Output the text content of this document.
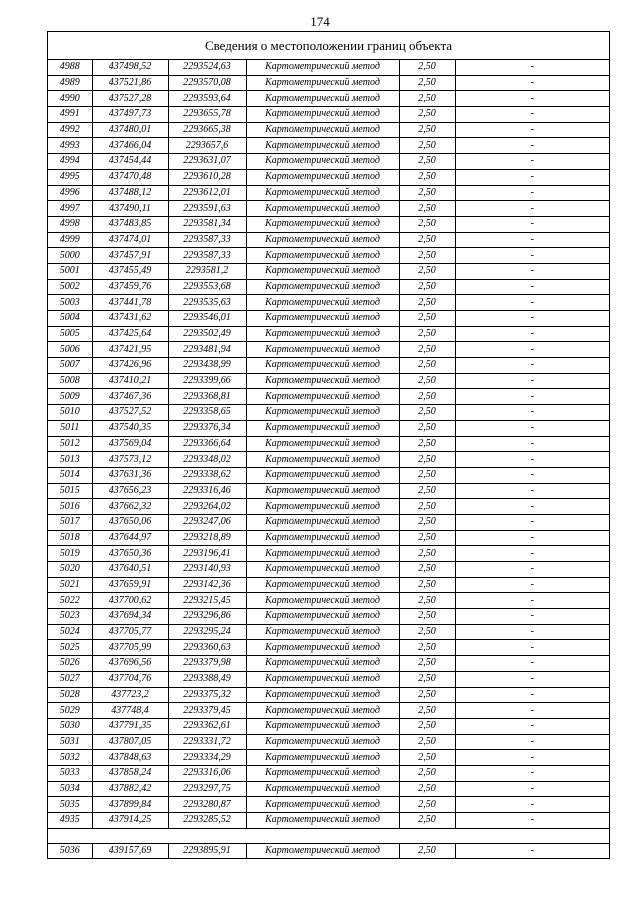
174
Сведения о местоположении границ объекта
4988	437498,52	2293524,63	Картометрический метод	2,50	-
4989	437521,86	2293570,08	Картометрический метод	2,50	-
4990	437527,28	2293593,64	Картометрический метод	2,50	-
4991	437497,73	2293655,78	Картометрический метод	2,50	-
4992	437480,01	2293665,38	Картометрический метод	2,50	-
4993	437466,04	2293657,6	Картометрический метод	2,50	-
4994	437454,44	2293631,07	Картометрический метод	2,50	-
4995	437470,48	2293610,28	Картометрический метод	2,50	-
4996	437488,12	2293612,01	Картометрический метод	2,50	-
4997	437490,11	2293591,63	Картометрический метод	2,50	-
4998	437483,85	2293581,34	Картометрический метод	2,50	-
4999	437474,01	2293587,33	Картометрический метод	2,50	-
5000	437457,91	2293587,33	Картометрический метод	2,50	-
5001	437455,49	2293581,2	Картометрический метод	2,50	-
5002	437459,76	2293553,68	Картометрический метод	2,50	-
5003	437441,78	2293535,63	Картометрический метод	2,50	-
5004	437431,62	2293546,01	Картометрический метод	2,50	-
5005	437425,64	2293502,49	Картометрический метод	2,50	-
5006	437421,95	2293481,94	Картометрический метод	2,50	-
5007	437426,96	2293438,99	Картометрический метод	2,50	-
5008	437410,21	2293399,66	Картометрический метод	2,50	-
5009	437467,36	2293368,81	Картометрический метод	2,50	-
5010	437527,52	2293358,65	Картометрический метод	2,50	-
5011	437540,35	2293376,34	Картометрический метод	2,50	-
5012	437569,04	2293366,64	Картометрический метод	2,50	-
5013	437573,12	2293348,02	Картометрический метод	2,50	-
5014	437631,36	2293338,62	Картометрический метод	2,50	-
5015	437656,23	2293316,46	Картометрический метод	2,50	-
5016	437662,32	2293264,02	Картометрический метод	2,50	-
5017	437650,06	2293247,06	Картометрический метод	2,50	-
5018	437644,97	2293218,89	Картометрический метод	2,50	-
5019	437650,36	2293196,41	Картометрический метод	2,50	-
5020	437640,51	2293140,93	Картометрический метод	2,50	-
5021	437659,91	2293142,36	Картометрический метод	2,50	-
5022	437700,62	2293215,45	Картометрический метод	2,50	-
5023	437694,34	2293296,86	Картометрический метод	2,50	-
5024	437705,77	2293295,24	Картометрический метод	2,50	-
5025	437705,99	2293360,63	Картометрический метод	2,50	-
5026	437696,56	2293379,98	Картометрический метод	2,50	-
5027	437704,76	2293388,49	Картометрический метод	2,50	-
5028	437723,2	2293375,32	Картометрический метод	2,50	-
5029	437748,4	2293379,45	Картометрический метод	2,50	-
5030	437791,35	2293362,61	Картометрический метод	2,50	-
5031	437807,05	2293331,72	Картометрический метод	2,50	-
5032	437848,63	2293334,29	Картометрический метод	2,50	-
5033	437858,24	2293316,06	Картометрический метод	2,50	-
5034	437882,42	2293297,75	Картометрический метод	2,50	-
5035	437899,84	2293280,87	Картометрический метод	2,50	-
4935	437914,25	2293285,52	Картометрический метод	2,50	-

5036	439157,69	2293895,91	Картометрический метод	2,50	-
